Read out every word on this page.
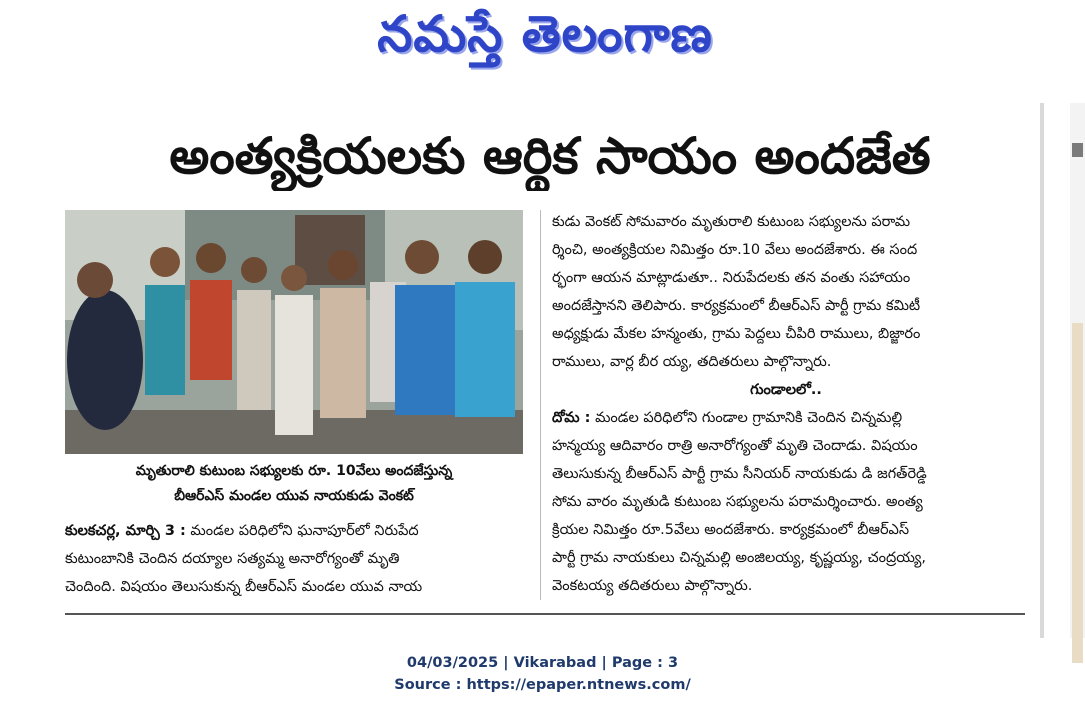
నమస్తే తెలంగాణ
అంత్యక్రియలకు ఆర్థిక సాయం అందజేత
మృతురాలి కుటుంబ సభ్యులకు రూ. 10వేలు అందజేస్తున్న
బీఆర్‌ఎస్ మండల యువ నాయకుడు వెంకట్
కులకచర్ల, మార్చి 3 : మండల పరిధిలోని ఘనాపూర్‌లో నిరుపేద
కుటుంబానికి చెందిన దయ్యాల సత్యమ్మ అనారోగ్యంతో మృతి
చెందింది. విషయం తెలుసుకున్న బీఆర్‌ఎస్ మండల యువ నాయ
కుడు వెంకట్ సోమవారం మృతురాలి కుటుంబ సభ్యులను పరామ
ర్శించి, అంత్యక్రియల నిమిత్తం రూ.10 వేలు అందజేశారు. ఈ సంద
ర్భంగా ఆయన మాట్లాడుతూ.. నిరుపేదలకు తన వంతు సహాయం
అందజేస్తానని తెలిపారు. కార్యక్రమంలో బీఆర్‌ఎస్ పార్టీ గ్రామ కమిటీ
అధ్యక్షుడు మేకల హన్మంతు, గ్రామ పెద్దలు చీపిరి రాములు, బిజ్జారం
రాములు, వార్ల బీర య్య, తదితరులు పాల్గొన్నారు.
గుండాలలో..
దోమ : మండల పరిధిలోని గుండాల గ్రామానికి చెందిన చిన్నమల్లి
హన్మయ్య ఆదివారం రాత్రి అనారోగ్యంతో మృతి చెందాడు. విషయం
తెలుసుకున్న బీఆర్‌ఎస్ పార్టీ గ్రామ సీనియర్ నాయకుడు డి జగత్‌రెడ్డి
సోమ వారం మృతుడి కుటుంబ సభ్యులను పరామర్శించారు. అంత్య
క్రియల నిమిత్తం రూ.5వేలు అందజేశారు. కార్యక్రమంలో బీఆర్‌ఎస్
పార్టీ గ్రామ నాయకులు చిన్నమల్లి అంజిలయ్య, కృష్ణయ్య, చంద్రయ్య,
వెంకటయ్య తదితరులు పాల్గొన్నారు.
04/03/2025 | Vikarabad | Page : 3
Source : https://epaper.ntnews.com/
